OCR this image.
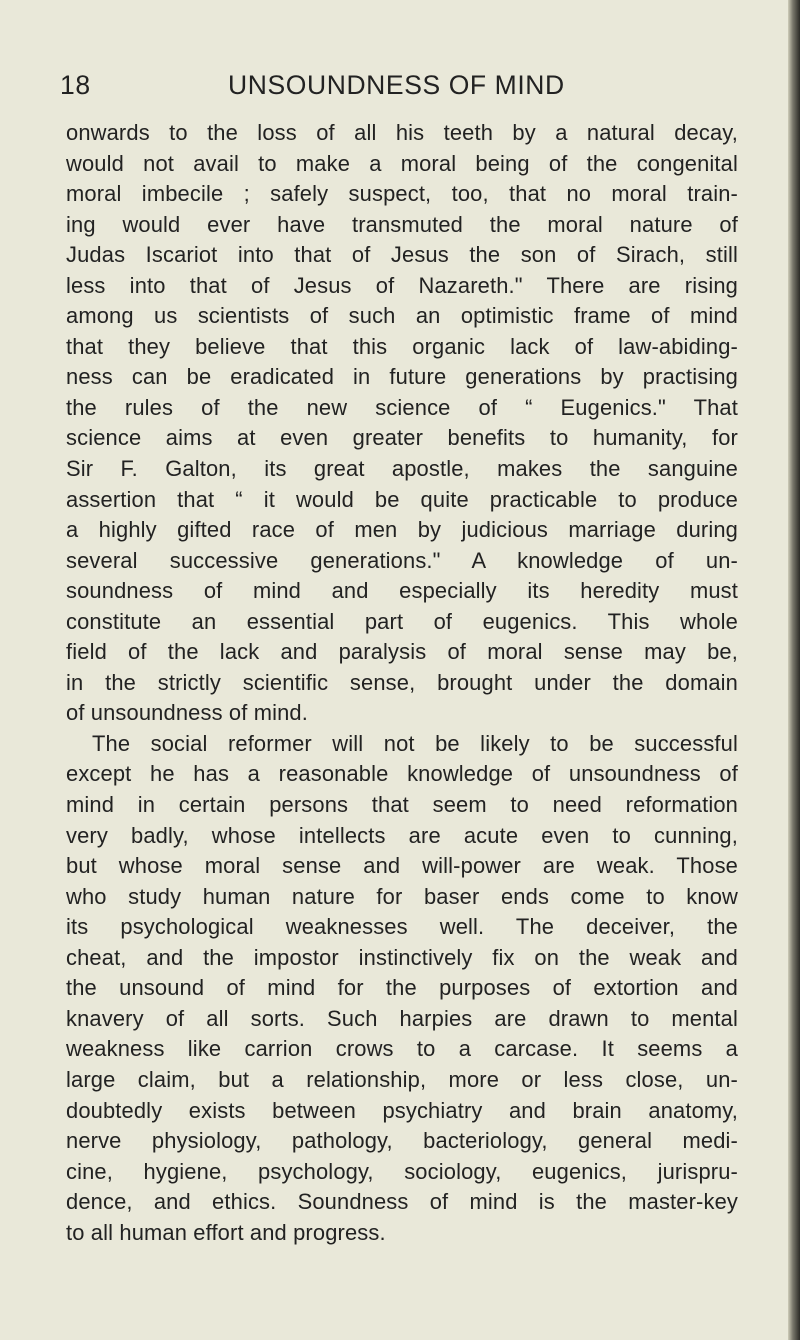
18	UNSOUNDNESS OF MIND
onwards to the loss of all his teeth by a natural decay,
would not avail to make a moral being of the congenital
moral imbecile ; safely suspect, too, that no moral train-
ing would ever have transmuted the moral nature of
Judas Iscariot into that of Jesus the son of Sirach, still
less into that of Jesus of Nazareth." There are rising
among us scientists of such an optimistic frame of mind
that they believe that this organic lack of law-abiding-
ness can be eradicated in future generations by practising
the rules of the new science of “ Eugenics." That
science aims at even greater benefits to humanity, for
Sir F. Galton, its great apostle, makes the sanguine
assertion that “ it would be quite practicable to produce
a highly gifted race of men by judicious marriage during
several successive generations." A knowledge of un-
soundness of mind and especially its heredity must
constitute an essential part of eugenics. This whole
field of the lack and paralysis of moral sense may be,
in the strictly scientific sense, brought under the domain
of unsoundness of mind.
The social reformer will not be likely to be successful
except he has a reasonable knowledge of unsoundness of
mind in certain persons that seem to need reformation
very badly, whose intellects are acute even to cunning,
but whose moral sense and will-power are weak. Those
who study human nature for baser ends come to know
its psychological weaknesses well. The deceiver, the
cheat, and the impostor instinctively fix on the weak and
the unsound of mind for the purposes of extortion and
knavery of all sorts. Such harpies are drawn to mental
weakness like carrion crows to a carcase. It seems a
large claim, but a relationship, more or less close, un-
doubtedly exists between psychiatry and brain anatomy,
nerve physiology, pathology, bacteriology, general medi-
cine, hygiene, psychology, sociology, eugenics, jurispru-
dence, and ethics. Soundness of mind is the master-key
to all human effort and progress.
